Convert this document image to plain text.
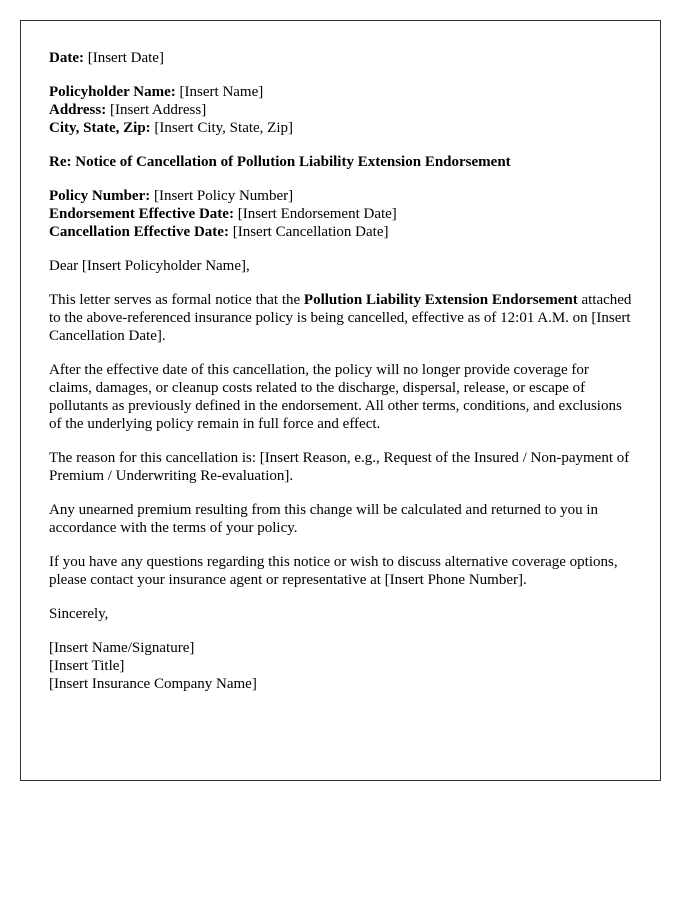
Date: [Insert Date]

Policyholder Name: [Insert Name]
Address: [Insert Address]
City, State, Zip: [Insert City, State, Zip]

Re: Notice of Cancellation of Pollution Liability Extension Endorsement

Policy Number: [Insert Policy Number]
Endorsement Effective Date: [Insert Endorsement Date]
Cancellation Effective Date: [Insert Cancellation Date]

Dear [Insert Policyholder Name],

This letter serves as formal notice that the Pollution Liability Extension Endorsement attached to the above-referenced insurance policy is being cancelled, effective as of 12:01 A.M. on [Insert Cancellation Date].

After the effective date of this cancellation, the policy will no longer provide coverage for claims, damages, or cleanup costs related to the discharge, dispersal, release, or escape of pollutants as previously defined in the endorsement. All other terms, conditions, and exclusions of the underlying policy remain in full force and effect.

The reason for this cancellation is: [Insert Reason, e.g., Request of the Insured / Non-payment of Premium / Underwriting Re-evaluation].

Any unearned premium resulting from this change will be calculated and returned to you in accordance with the terms of your policy.

If you have any questions regarding this notice or wish to discuss alternative coverage options, please contact your insurance agent or representative at [Insert Phone Number].

Sincerely,

[Insert Name/Signature]
[Insert Title]
[Insert Insurance Company Name]
